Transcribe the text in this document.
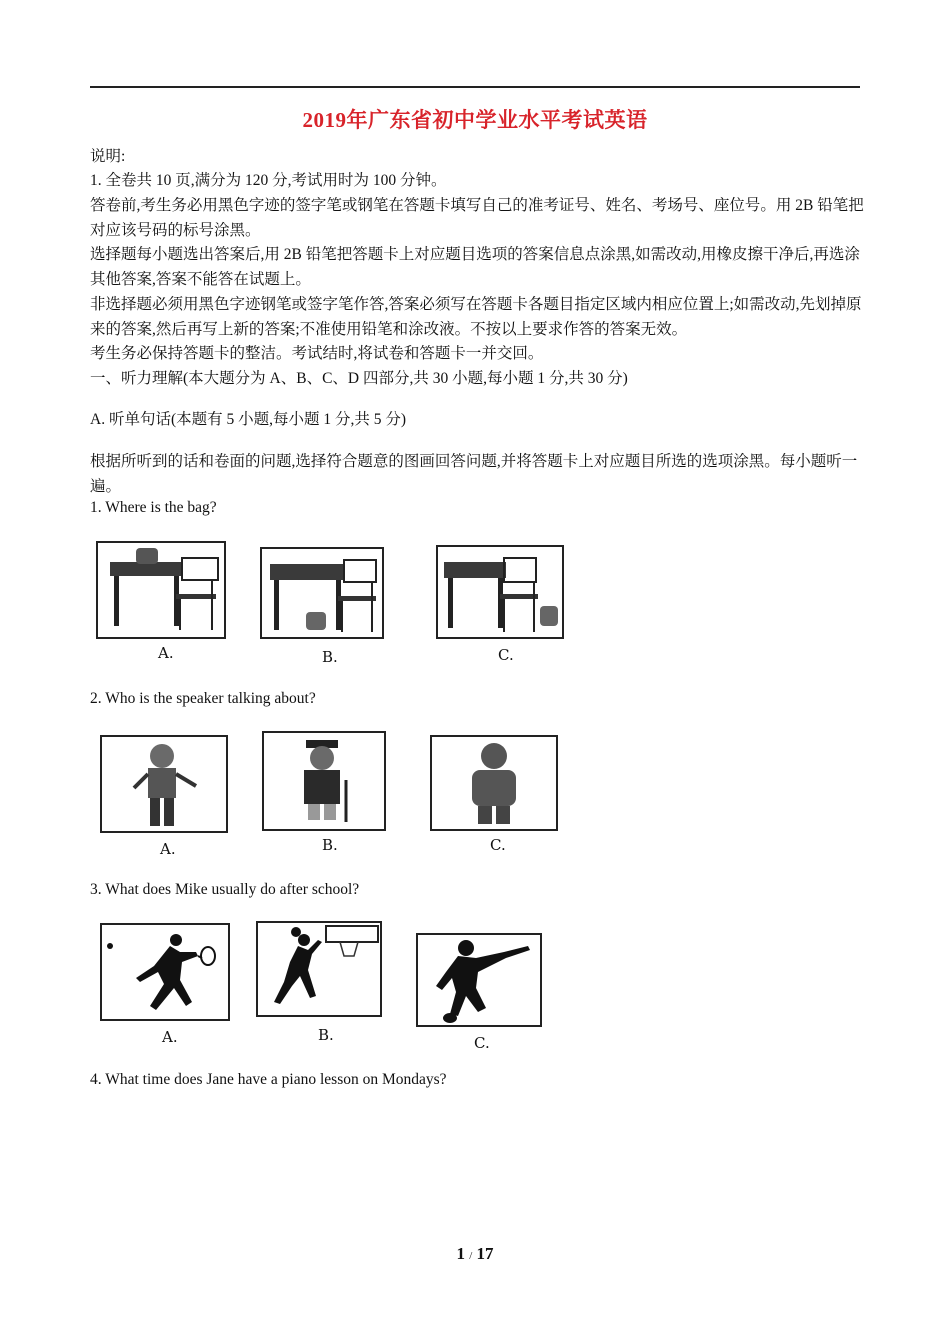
2019年广东省初中学业水平考试英语

说明:

1. 全卷共 10 页,满分为 120 分,考试用时为 100 分钟。

答卷前,考生务必用黑色字迹的签字笔或钢笔在答题卡填写自己的准考证号、姓名、考场号、座位号。用 2B 铅笔把对应该号码的标号涂黑。

选择题每小题选出答案后,用 2B 铅笔把答题卡上对应题目选项的答案信息点涂黑,如需改动,用橡皮擦干净后,再选涂其他答案,答案不能答在试题上。

非选择题必须用黑色字迹钢笔或签字笔作答,答案必须写在答题卡各题目指定区域内相应位置上;如需改动,先划掉原来的答案,然后再写上新的答案;不准使用铅笔和涂改液。不按以上要求作答的答案无效。

考生务必保持答题卡的整洁。考试结时,将试卷和答题卡一并交回。

一、听力理解(本大题分为 A、B、C、D 四部分,共 30 小题,每小题 1 分,共 30 分)

A. 听单句话(本题有 5 小题,每小题 1 分,共 5 分)

根据所听到的话和卷面的问题,选择符合题意的图画回答问题,并将答题卡上对应题目所选的选项涂黑。每小题听一遍。

1. Where is the bag?

A.	B.	C.

2. Who is the speaker talking about?

A.	B.	C.

3. What does Mike usually do after school?

A.	B.	C.

4. What time does Jane have a piano lesson on Mondays?

1 / 17
